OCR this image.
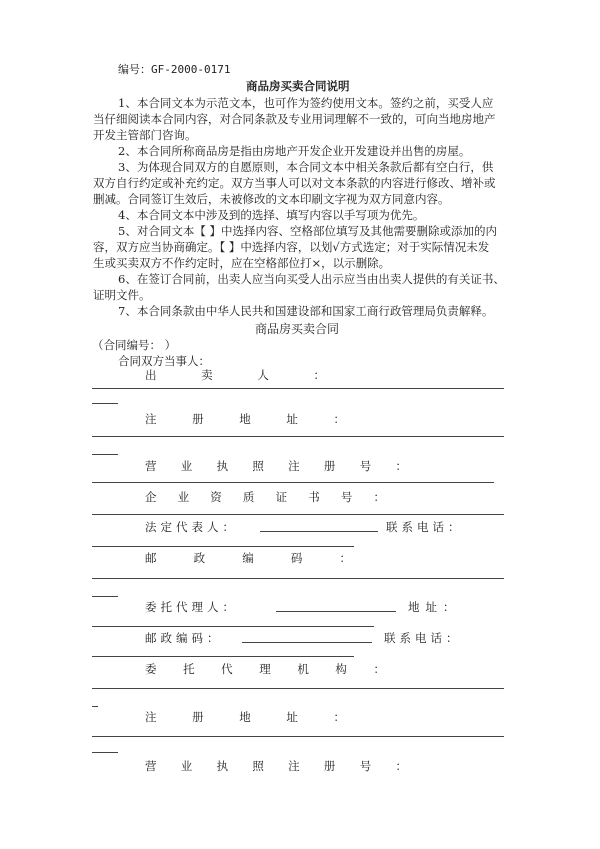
编号：GF-2000-0171
商品房买卖合同说明
1、本合同文本为示范文本，也可作为签约使用文本。签约之前，买受人应
当仔细阅读本合同内容，对合同条款及专业用词理解不一致的，可向当地房地产
开发主管部门咨询。
2、本合同所称商品房是指由房地产开发企业开发建设并出售的房屋。
3、为体现合同双方的自愿原则，本合同文本中相关条款后都有空白行，供
双方自行约定或补充约定。双方当事人可以对文本条款的内容进行修改、增补或
删减。合同签订生效后，未被修改的文本印刷文字视为双方同意内容。
4、本合同文本中涉及到的选择、填写内容以手写项为优先。
5、对合同文本【 】中选择内容、空格部位填写及其他需要删除或添加的内
容，双方应当协商确定。【 】中选择内容，以划√方式选定；对于实际情况未发
生或买卖双方不作约定时，应在空格部位打×，以示删除。
6、在签订合同前，出卖人应当向买受人出示应当由出卖人提供的有关证书、
证明文件。
7、本合同条款由中华人民共和国建设部和国家工商行政管理局负责解释。
商品房买卖合同
（合同编号： ）
合同双方当事人：
出	卖	人	：
注	册	地	址	：
营 业 执 照 注 册 号 ：
企 业 资 质 证 书 号 ：
法定代表人：	联系电话：
邮	政	编	码	：
委托代理人：	地址：
邮政编码：	联系电话：
委 托 代 理 机 构 ：
注	册	地	址	：
营 业 执 照 注 册 号 ：
